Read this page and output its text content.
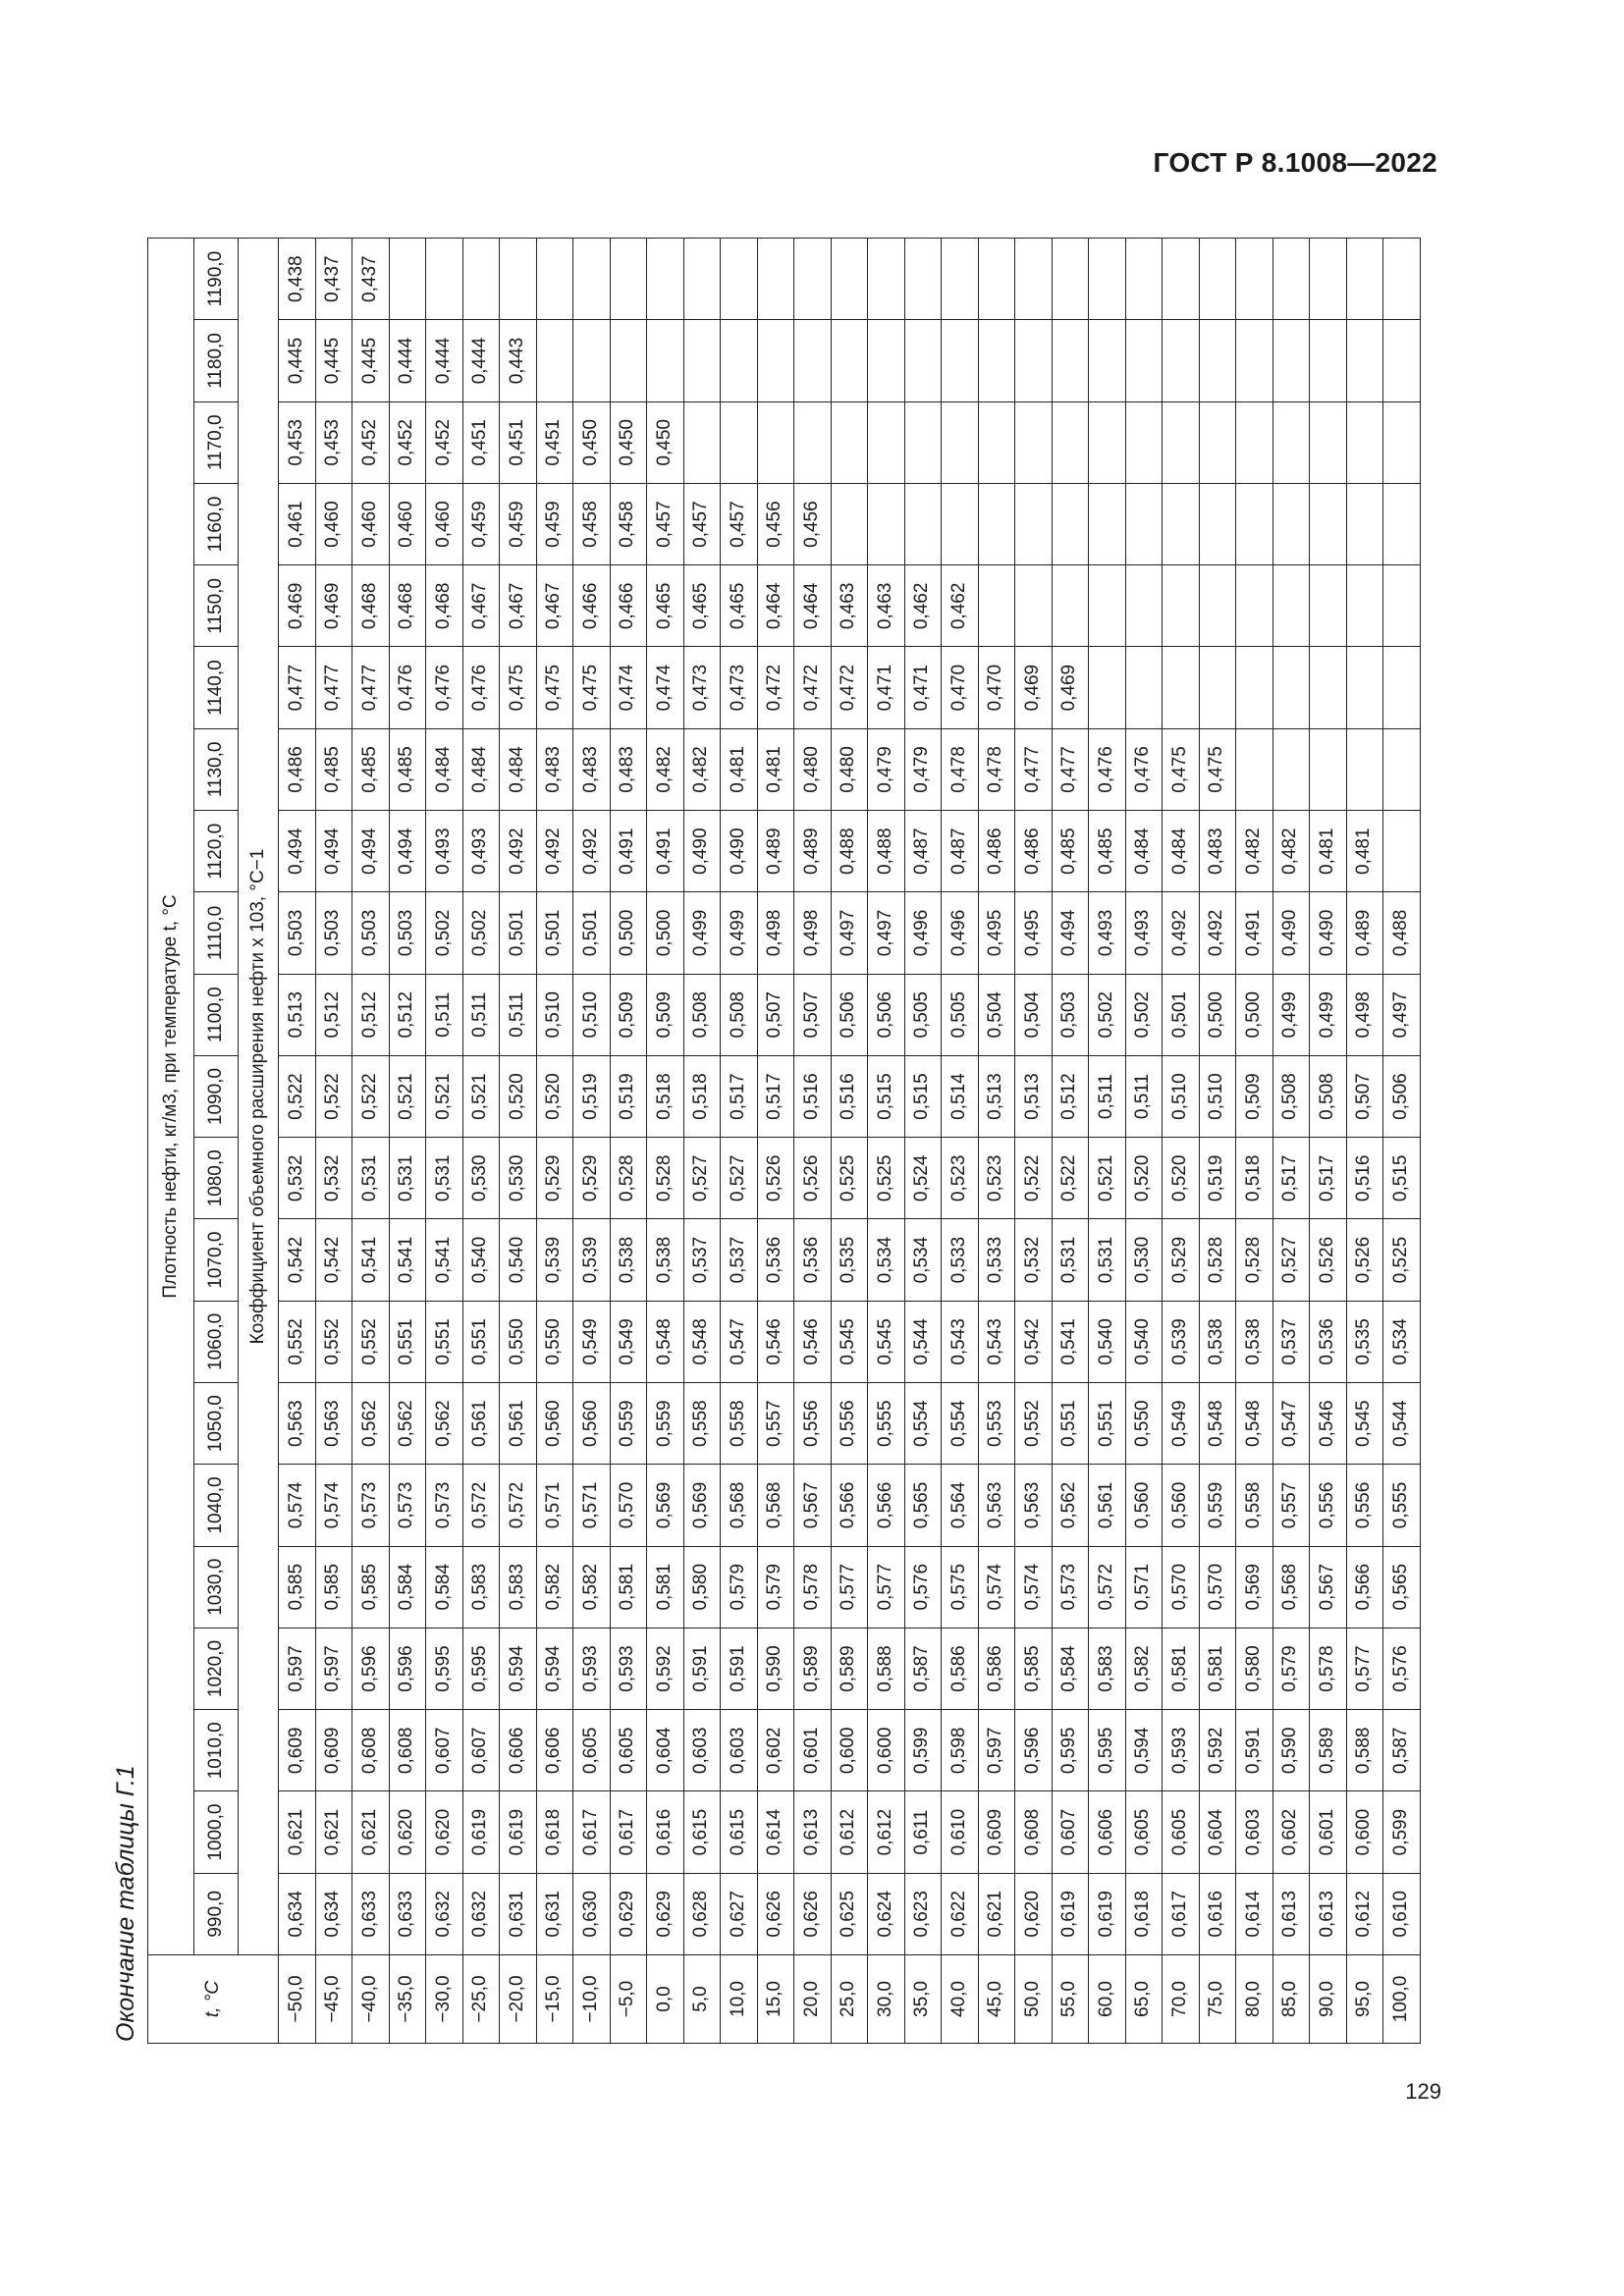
ГОСТ Р 8.1008—2022
Окончание таблицы Г.1	t, °C	Плотность нефти, кг/м3, при температуре t, °C																				
	990,0	1000,0	1010,0	1020,0	1030,0	1040,0	1050,0	1060,0	1070,0	1080,0	1090,0	1100,0	1110,0	1120,0	1130,0	1140,0	1150,0	1160,0	1170,0	1180,0	1190,0
	Коэффициент объемного расширения нефти х 103, °C−1																				
−50,0	0,634	0,621	0,609	0,597	0,585	0,574	0,563	0,552	0,542	0,532	0,522	0,513	0,503	0,494	0,486	0,477	0,469	0,461	0,453	0,445	0,438
−45,0	0,634	0,621	0,609	0,597	0,585	0,574	0,563	0,552	0,542	0,532	0,522	0,512	0,503	0,494	0,485	0,477	0,469	0,460	0,453	0,445	0,437
−40,0	0,633	0,621	0,608	0,596	0,585	0,573	0,562	0,552	0,541	0,531	0,522	0,512	0,503	0,494	0,485	0,477	0,468	0,460	0,452	0,445	0,437
−35,0	0,633	0,620	0,608	0,596	0,584	0,573	0,562	0,551	0,541	0,531	0,521	0,512	0,503	0,494	0,485	0,476	0,468	0,460	0,452	0,444	
−30,0	0,632	0,620	0,607	0,595	0,584	0,573	0,562	0,551	0,541	0,531	0,521	0,511	0,502	0,493	0,484	0,476	0,468	0,460	0,452	0,444	
−25,0	0,632	0,619	0,607	0,595	0,583	0,572	0,561	0,551	0,540	0,530	0,521	0,511	0,502	0,493	0,484	0,476	0,467	0,459	0,451	0,444	
−20,0	0,631	0,619	0,606	0,594	0,583	0,572	0,561	0,550	0,540	0,530	0,520	0,511	0,501	0,492	0,484	0,475	0,467	0,459	0,451	0,443	
−15,0	0,631	0,618	0,606	0,594	0,582	0,571	0,560	0,550	0,539	0,529	0,520	0,510	0,501	0,492	0,483	0,475	0,467	0,459	0,451		
−10,0	0,630	0,617	0,605	0,593	0,582	0,571	0,560	0,549	0,539	0,529	0,519	0,510	0,501	0,492	0,483	0,475	0,466	0,458	0,450		
−5,0	0,629	0,617	0,605	0,593	0,581	0,570	0,559	0,549	0,538	0,528	0,519	0,509	0,500	0,491	0,483	0,474	0,466	0,458	0,450		
0,0	0,629	0,616	0,604	0,592	0,581	0,569	0,559	0,548	0,538	0,528	0,518	0,509	0,500	0,491	0,482	0,474	0,465	0,457	0,450		
5,0	0,628	0,615	0,603	0,591	0,580	0,569	0,558	0,548	0,537	0,527	0,518	0,508	0,499	0,490	0,482	0,473	0,465	0,457			
10,0	0,627	0,615	0,603	0,591	0,579	0,568	0,558	0,547	0,537	0,527	0,517	0,508	0,499	0,490	0,481	0,473	0,465	0,457			
15,0	0,626	0,614	0,602	0,590	0,579	0,568	0,557	0,546	0,536	0,526	0,517	0,507	0,498	0,489	0,481	0,472	0,464	0,456			
20,0	0,626	0,613	0,601	0,589	0,578	0,567	0,556	0,546	0,536	0,526	0,516	0,507	0,498	0,489	0,480	0,472	0,464	0,456			
25,0	0,625	0,612	0,600	0,589	0,577	0,566	0,556	0,545	0,535	0,525	0,516	0,506	0,497	0,488	0,480	0,472	0,463				
30,0	0,624	0,612	0,600	0,588	0,577	0,566	0,555	0,545	0,534	0,525	0,515	0,506	0,497	0,488	0,479	0,471	0,463				
35,0	0,623	0,611	0,599	0,587	0,576	0,565	0,554	0,544	0,534	0,524	0,515	0,505	0,496	0,487	0,479	0,471	0,462				
40,0	0,622	0,610	0,598	0,586	0,575	0,564	0,554	0,543	0,533	0,523	0,514	0,505	0,496	0,487	0,478	0,470	0,462				
45,0	0,621	0,609	0,597	0,586	0,574	0,563	0,553	0,543	0,533	0,523	0,513	0,504	0,495	0,486	0,478	0,470					
50,0	0,620	0,608	0,596	0,585	0,574	0,563	0,552	0,542	0,532	0,522	0,513	0,504	0,495	0,486	0,477	0,469					
55,0	0,619	0,607	0,595	0,584	0,573	0,562	0,551	0,541	0,531	0,522	0,512	0,503	0,494	0,485	0,477	0,469					
60,0	0,619	0,606	0,595	0,583	0,572	0,561	0,551	0,540	0,531	0,521	0,511	0,502	0,493	0,485	0,476						
65,0	0,618	0,605	0,594	0,582	0,571	0,560	0,550	0,540	0,530	0,520	0,511	0,502	0,493	0,484	0,476						
70,0	0,617	0,605	0,593	0,581	0,570	0,560	0,549	0,539	0,529	0,520	0,510	0,501	0,492	0,484	0,475						
75,0	0,616	0,604	0,592	0,581	0,570	0,559	0,548	0,538	0,528	0,519	0,510	0,500	0,492	0,483	0,475						
80,0	0,614	0,603	0,591	0,580	0,569	0,558	0,548	0,538	0,528	0,518	0,509	0,500	0,491	0,482							
85,0	0,613	0,602	0,590	0,579	0,568	0,557	0,547	0,537	0,527	0,517	0,508	0,499	0,490	0,482							
90,0	0,613	0,601	0,589	0,578	0,567	0,556	0,546	0,536	0,526	0,517	0,508	0,499	0,490	0,481							
95,0	0,612	0,600	0,588	0,577	0,566	0,556	0,545	0,535	0,526	0,516	0,507	0,498	0,489	0,481							
100,0	0,610	0,599	0,587	0,576	0,565	0,555	0,544	0,534	0,525	0,515	0,506	0,497	0,488								
129
